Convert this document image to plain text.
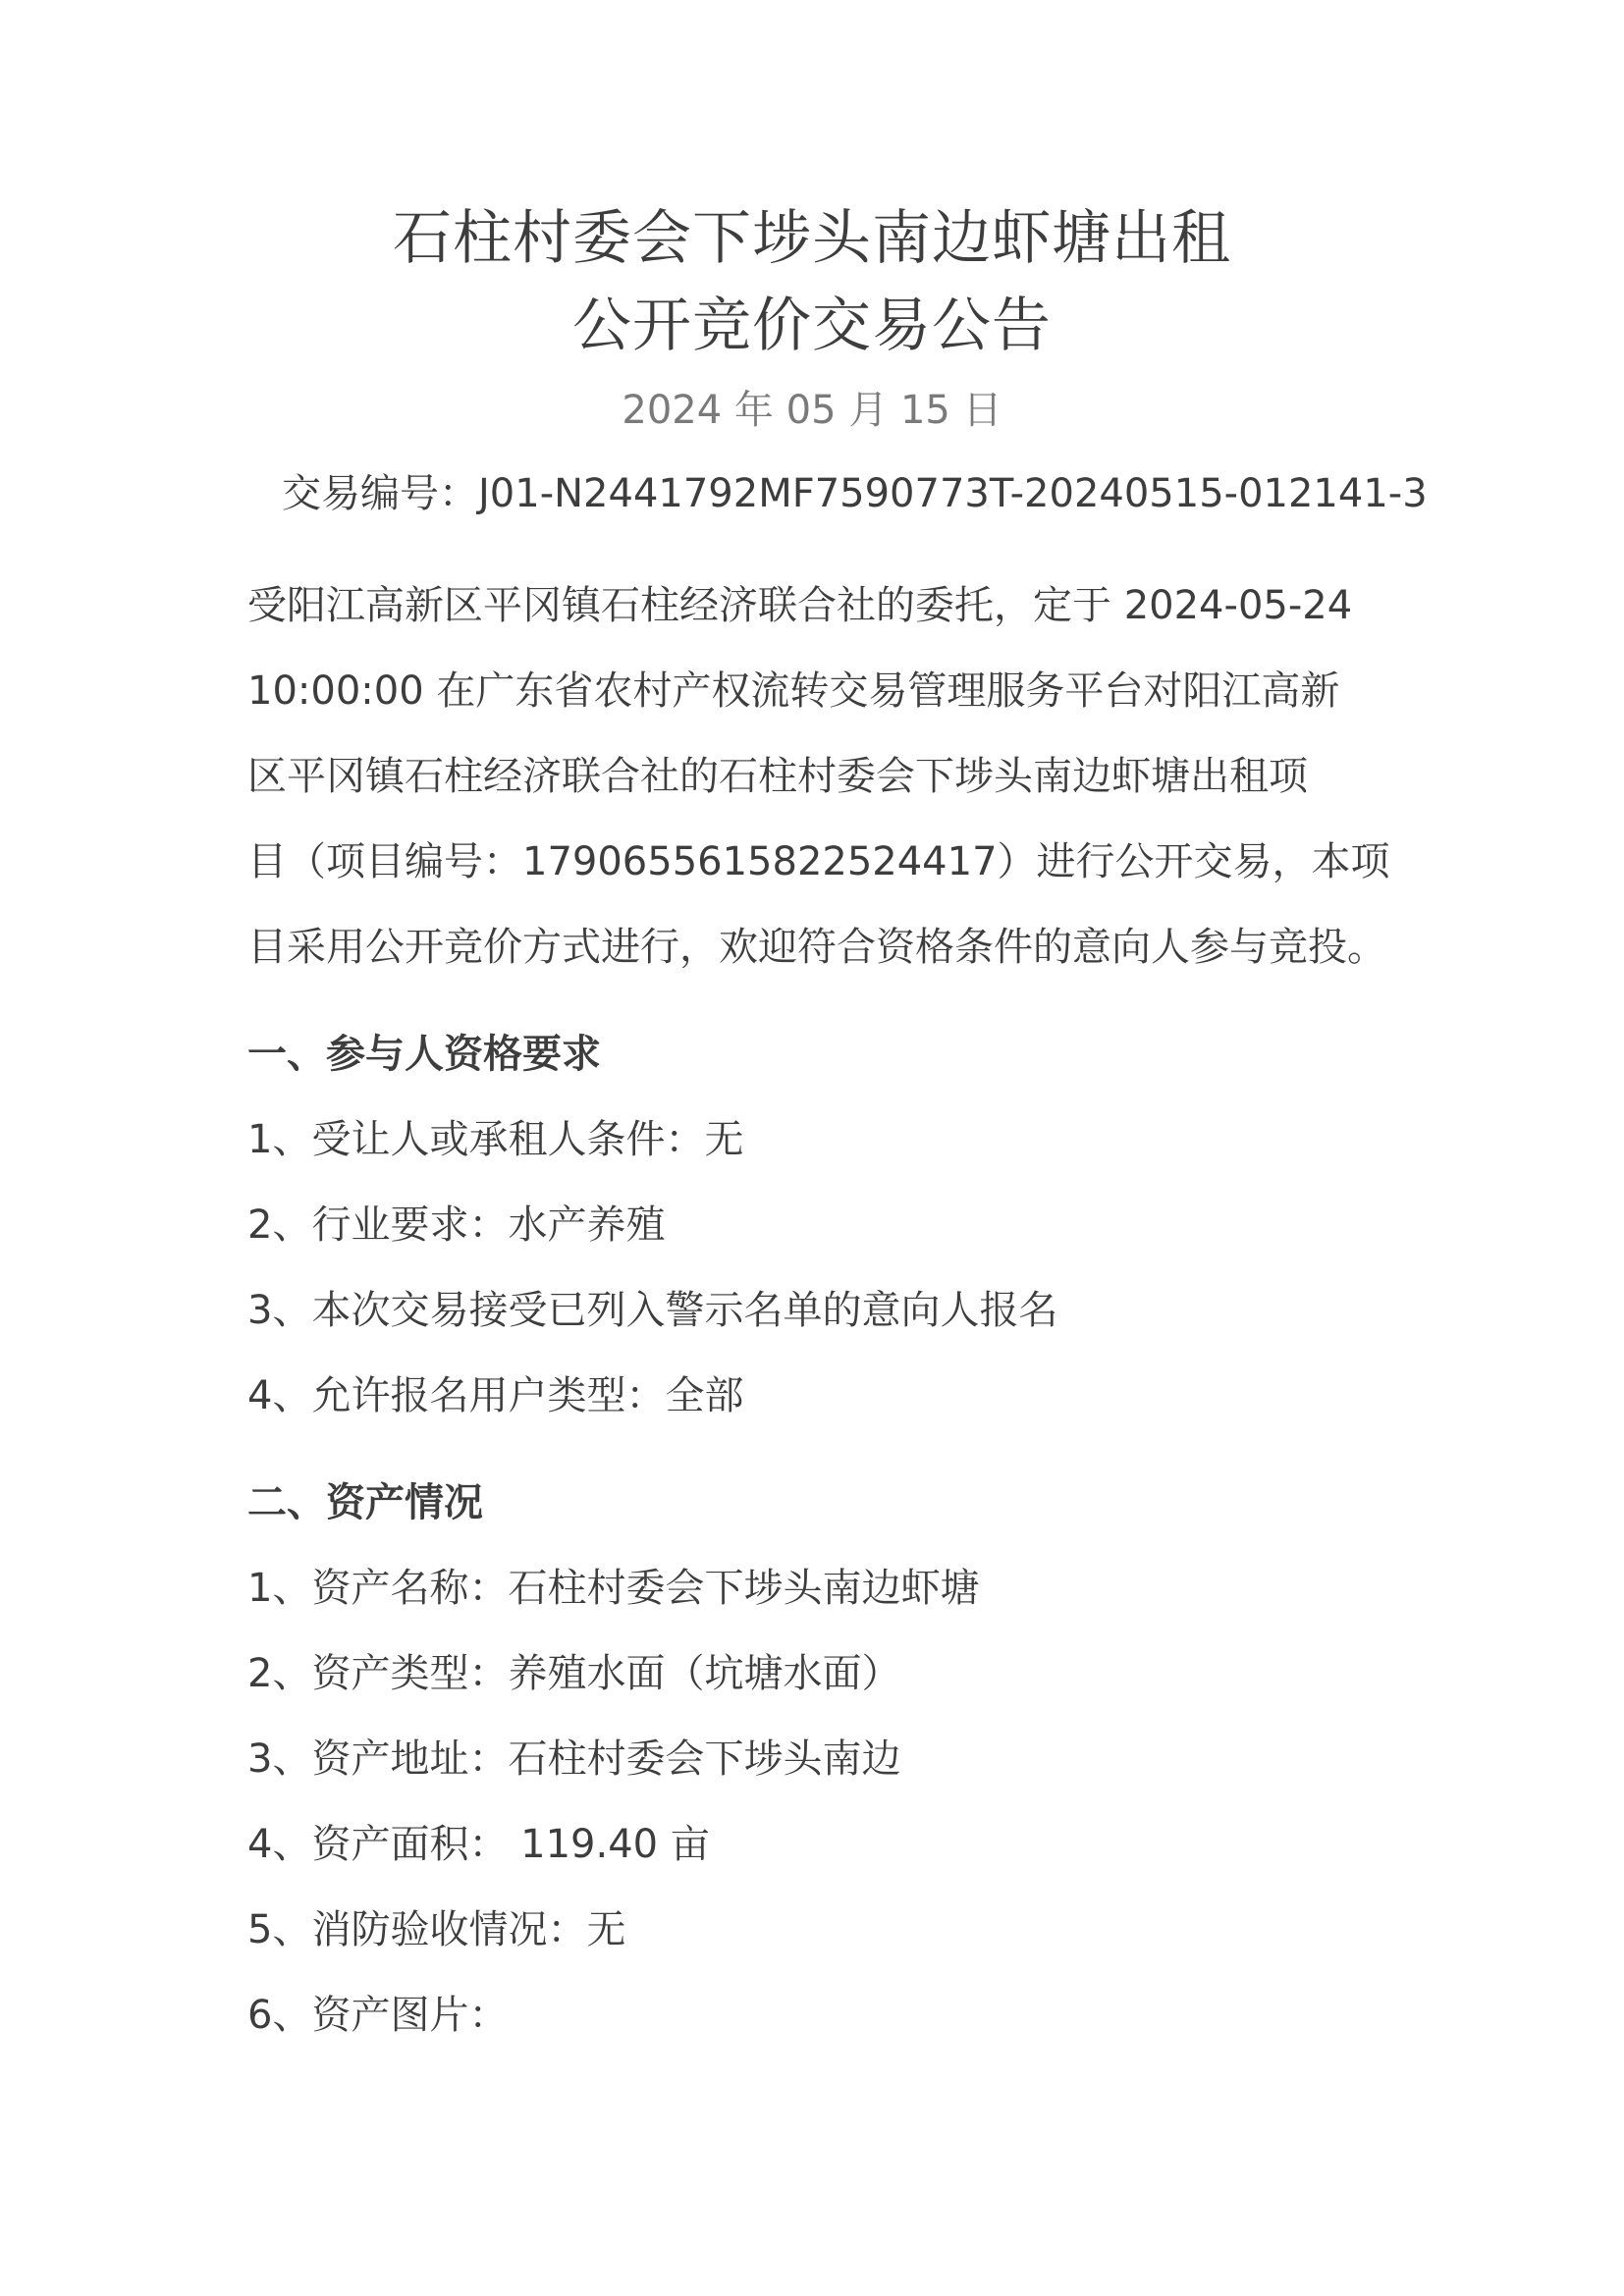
石柱村委会下埗头南边虾塘出租
公开竞价交易公告
2024 年 05 月 15 日
交易编号：J01-N2441792MF7590773T-20240515-012141-3
受阳江高新区平冈镇石柱经济联合社的委托，定于 2024-05-24
10:00:00 在广东省农村产权流转交易管理服务平台对阳江高新
区平冈镇石柱经济联合社的石柱村委会下埗头南边虾塘出租项
目（项目编号：1790655615822524417）进行公开交易，本项
目采用公开竞价方式进行，欢迎符合资格条件的意向人参与竞投。
一、参与人资格要求
1、受让人或承租人条件：无
2、行业要求：水产养殖
3、本次交易接受已列入警示名单的意向人报名
4、允许报名用户类型：全部
二、资产情况
1、资产名称：石柱村委会下埗头南边虾塘
2、资产类型：养殖水面（坑塘水面）
3、资产地址：石柱村委会下埗头南边
4、资产面积： 119.40 亩
5、消防验收情况：无
6、资产图片：
